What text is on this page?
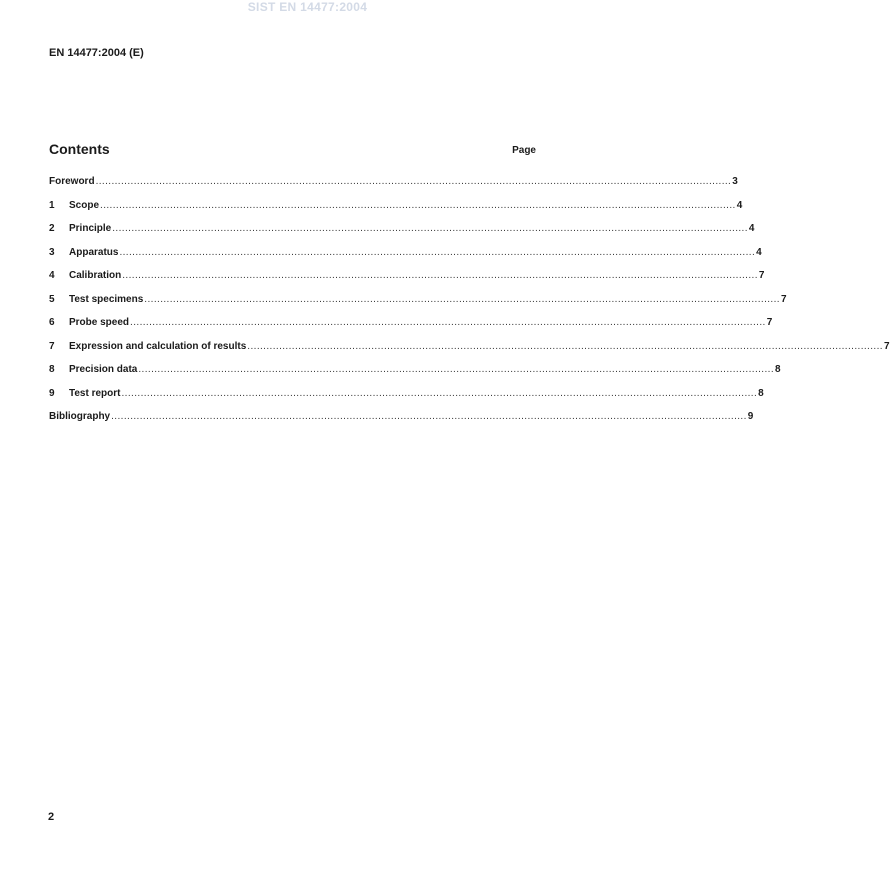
SIST EN 14477:2004
EN 14477:2004 (E)
Contents	Page
Foreword ........................................................................................................................................................................................................ 3
1	Scope ........................................................................................................................................................................................................ 4
2	Principle ........................................................................................................................................................................................................ 4
3	Apparatus ........................................................................................................................................................................................................ 4
4	Calibration ........................................................................................................................................................................................................ 7
5	Test specimens ........................................................................................................................................................................................................ 7
6	Probe speed ........................................................................................................................................................................................................ 7
7	Expression and calculation of results ........................................................................................................................................................................................................ 7
8	Precision data ........................................................................................................................................................................................................ 8
9	Test report ........................................................................................................................................................................................................ 8
Bibliography ........................................................................................................................................................................................................ 9
2
